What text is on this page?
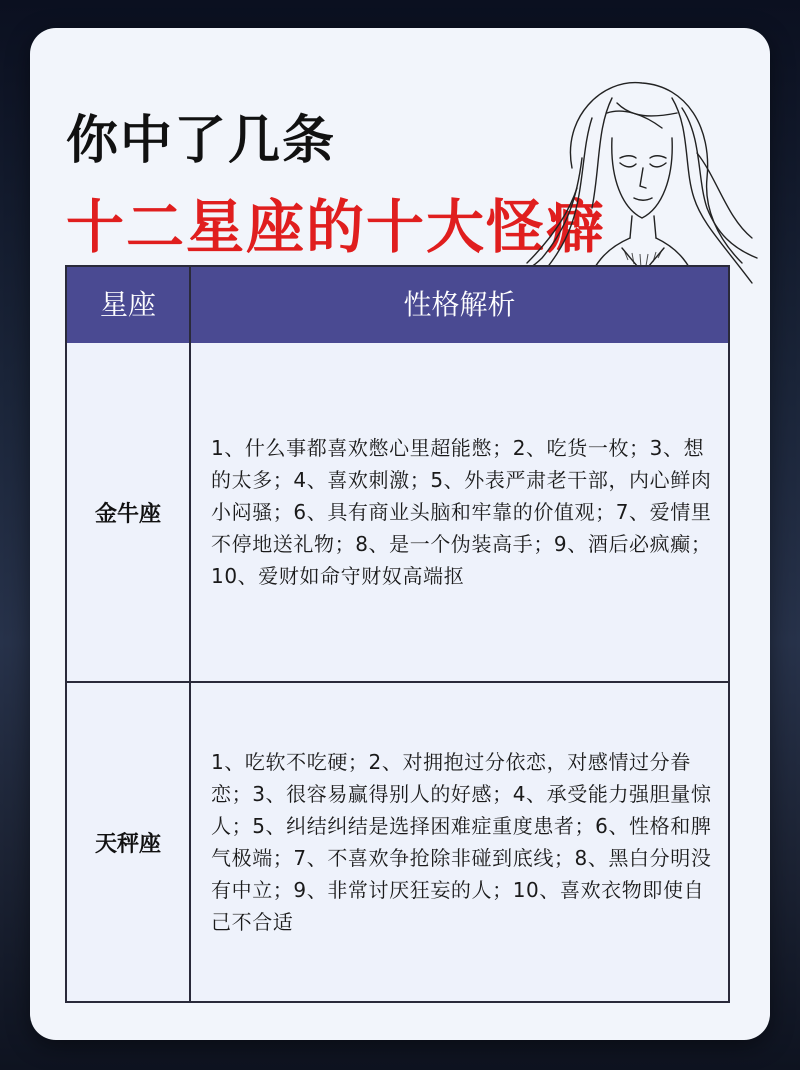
你中了几条
十二星座的十大怪癖
星座	性格解析
金牛座
1、什么事都喜欢憋心里超能憋；2、吃货一枚；3、想的太多；4、喜欢刺激；5、外表严肃老干部，内心鲜肉小闷骚；6、具有商业头脑和牢靠的价值观；7、爱情里不停地送礼物；8、是一个伪装高手；9、酒后必疯癫；10、爱财如命守财奴高端抠
天秤座
1、吃软不吃硬；2、对拥抱过分依恋，对感情过分眷恋；3、很容易赢得别人的好感；4、承受能力强胆量惊人；5、纠结纠结是选择困难症重度患者；6、性格和脾气极端；7、不喜欢争抢除非碰到底线；8、黑白分明没有中立；9、非常讨厌狂妄的人；10、喜欢衣物即使自己不合适
